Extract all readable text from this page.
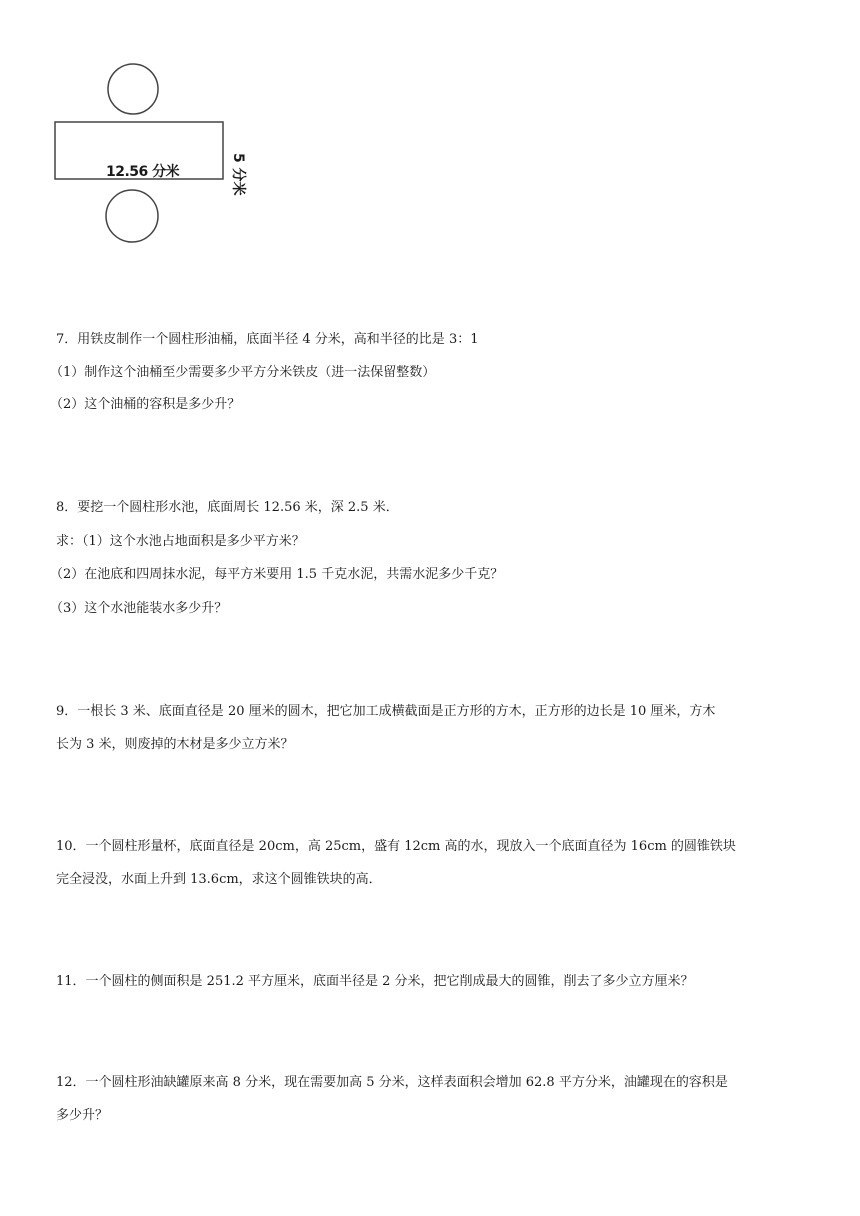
12.56 分米	5 分米
7．用铁皮制作一个圆柱形油桶，底面半径 4 分米，高和半径的比是 3：1
（1）制作这个油桶至少需要多少平方分米铁皮（进一法保留整数）
（2）这个油桶的容积是多少升？
8．要挖一个圆柱形水池，底面周长 12.56 米，深 2.5 米．
求：（1）这个水池占地面积是多少平方米？
（2）在池底和四周抹水泥，每平方米要用 1.5 千克水泥，共需水泥多少千克？
（3）这个水池能装水多少升？
9．一根长 3 米、底面直径是 20 厘米的圆木，把它加工成横截面是正方形的方木，正方形的边长是 10 厘米，方木
长为 3 米，则废掉的木材是多少立方米？
10．一个圆柱形量杯，底面直径是 20cm，高 25cm，盛有 12cm 高的水，现放入一个底面直径为 16cm 的圆锥铁块
完全浸没，水面上升到 13.6cm，求这个圆锥铁块的高．
11．一个圆柱的侧面积是 251.2 平方厘米，底面半径是 2 分米，把它削成最大的圆锥，削去了多少立方厘米？
12．一个圆柱形油缺罐原来高 8 分米，现在需要加高 5 分米，这样表面积会增加 62.8 平方分米，油罐现在的容积是
多少升？
